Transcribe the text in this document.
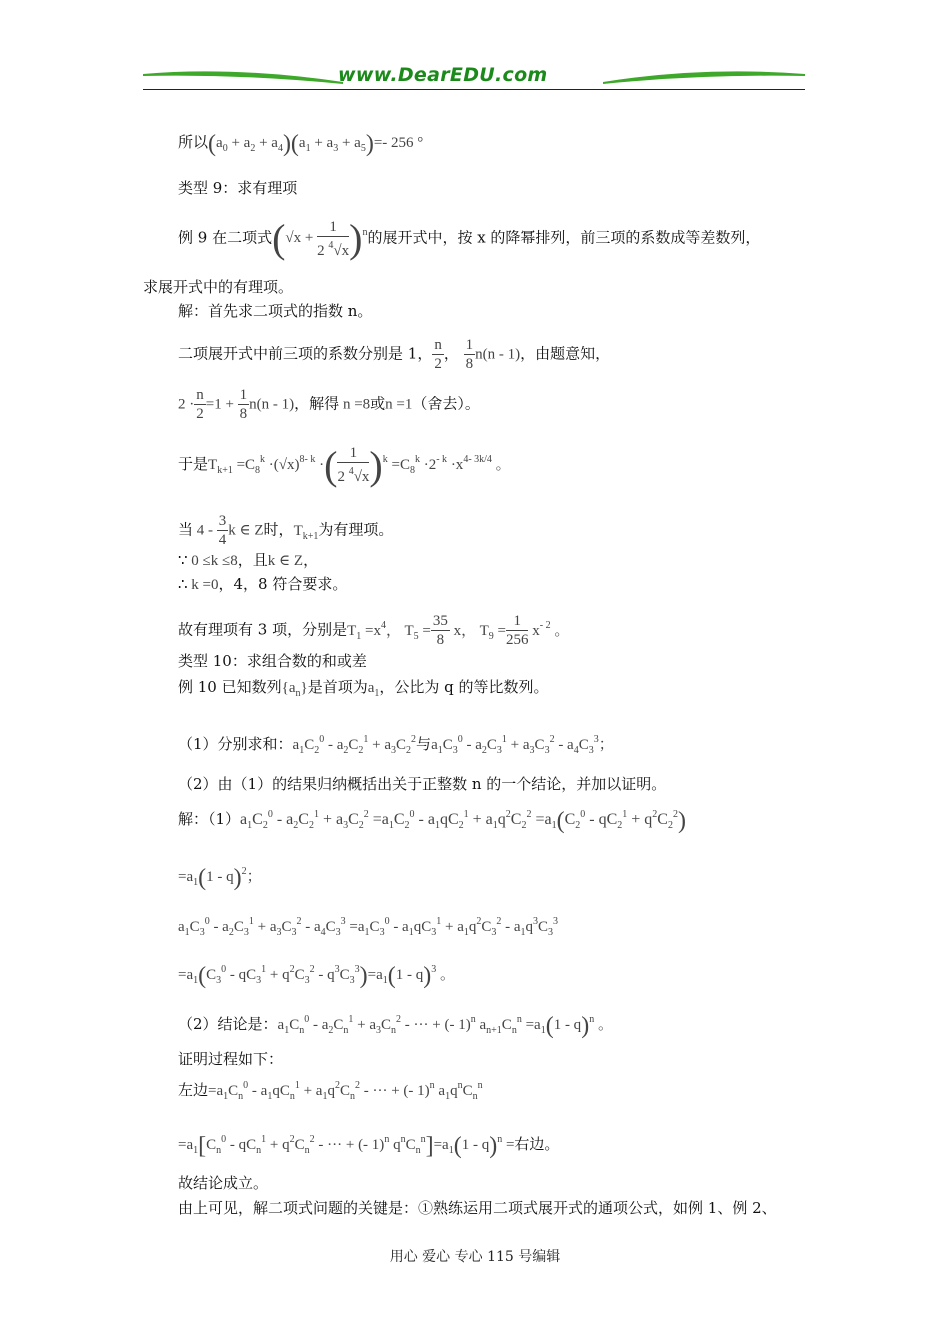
www.DearEDU.com
所以$(a_0 + a_2 + a_4)(a_1 + a_3 + a_5)=-$ 256 °
类型 9：求有理项
例 9 在二项式$(√x + \frac{1}{2 ^4√x} )^n$的展开式中，按 x 的降幂排列，前三项的系数成等差数列，
求展开式中的有理项。
解：首先求二项式的指数 n。
二项展开式中前三项的系数分别是 1， $\frac{n}{2}$ ， $\frac{1}{8} n(n - 1)$，由题意知，
$2 \cdot \frac{n}{2} =1 + \frac{1}{8} n(n - 1)$，解得 n =8或n =1（舍去）。
于是$T_{k+1} =C_8^k \cdot(√x)^{8- k}$ ·( $\frac{1}{2 ^4√x} )^k =C_8^k \cdot 2^{- k} \cdot x^{4- 3k/4}$ 。
当 $4 - \frac{3}{4}$ k ∈ Z时，$T_{k+1}$为有理项。
∵ 0 ≤k ≤8，且k ∈ Z，
∴ k =0，4，8 符合要求。
故有理项有 3 项，分别是$T_1 =x^4$， $T_5 = \frac{35}{8}$ x， $T_9 = \frac{1}{256} x^{- 2}$ 。
类型 10：求组合数的和或差
例 10 已知数列$\{a_n\}$是首项为$a_1$，公比为 q 的等比数列。
（1）分别求和：$a_1C_2^0 - a_2C_2^1 + a_3C_2^2$与$a_1C_3^0 - a_2C_3^1 + a_3C_3^2 - a_4C_3^3$；
（2）由（1）的结果归纳概括出关于正整数 n 的一个结论，并加以证明。
解：$(1)a_1C_2^0 - a_2C_2^1 + a_3C_2^2 =a_1C_2^0 - a_1qC_2^1 + a_1q^2C_2^2 =a_1(C_2^0 - qC_2^1 + q^2C_2^2)$
$=a_1(1 - q)^2$；
$a_1C_3^0 - a_2C_3^1 + a_3C_3^2 - a_4C_3^3 =a_1C_3^0 - a_1qC_3^1 + a_1q^2C_3^2 - a_1q^3C_3^3$
$=a_1(C_3^0 - qC_3^1 + q^2C_3^2 - q^3C_3^3)=a_1(1 - q)^3$ 。
（2）结论是：$a_1C_n^0 - a_2C_n^1 + a_3C_n^2$ - ··· + (- 1)$^n$ $a_{n+1}C_n^n =a_1(1 - q)^n$ 。
证明过程如下：
左边$=a_1C_n^0 - a_1qC_n^1 + a_1q^2C_n^2$ - ··· + (- 1)$^n$ $a_1q^nC_n^n$
$=a_1[C_n^0 - qC_n^1 + q^2C_n^2$ - ··· + (- 1)$^n$ $q^nC_n^n]=a_1(1 - q)^n$ =右边。
故结论成立。
由上可见，解二项式问题的关键是：①熟练运用二项式展开式的通项公式，如例 1、例 2、
用心 爱心 专心 115 号编辑
